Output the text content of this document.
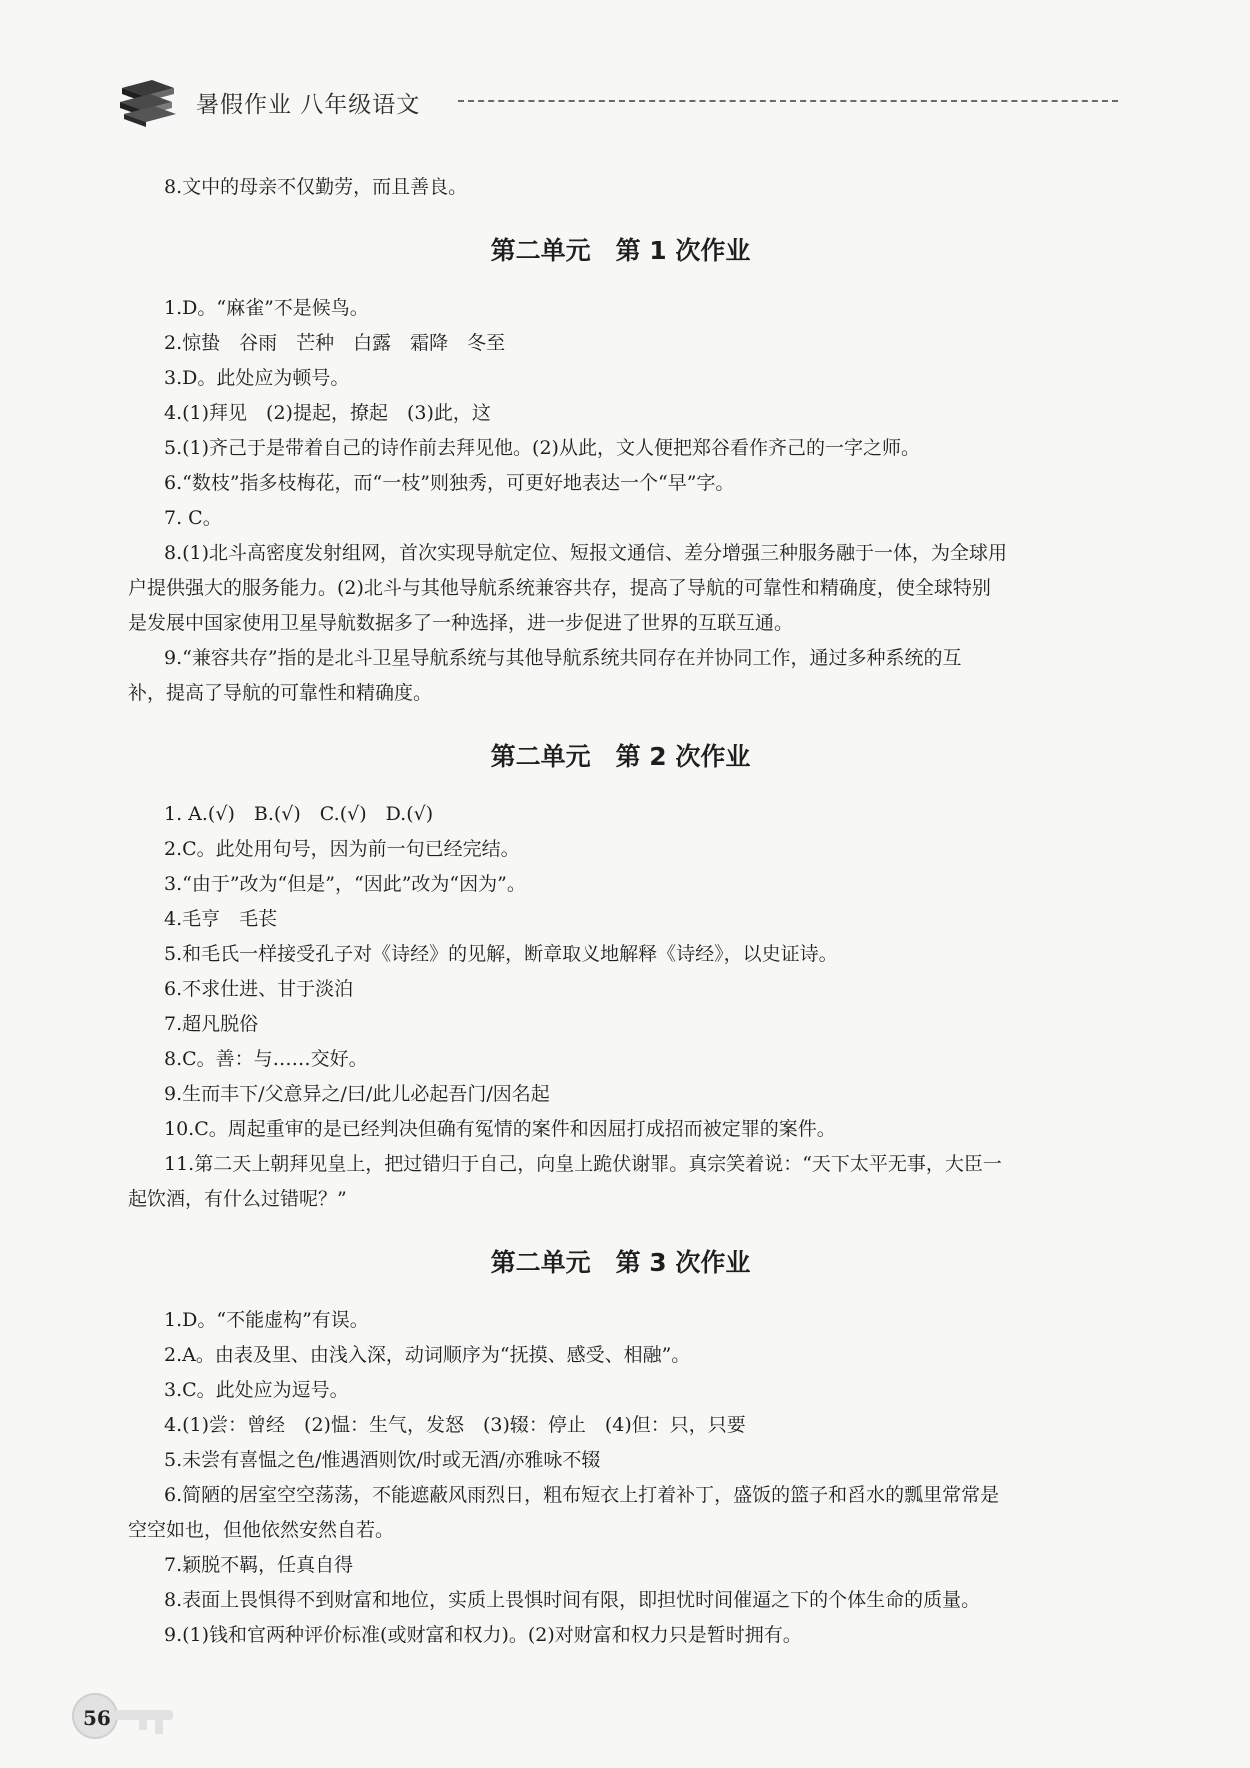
暑假作业 八年级语文

8.文中的母亲不仅勤劳，而且善良。

第二单元　第 1 次作业

1.D。“麻雀”不是候鸟。

2.惊蛰　谷雨　芒种　白露　霜降　冬至

3.D。此处应为顿号。

4.(1)拜见　(2)提起，撩起　(3)此，这

5.(1)齐己于是带着自己的诗作前去拜见他。(2)从此，文人便把郑谷看作齐己的一字之师。

6.“数枝”指多枝梅花，而“一枝”则独秀，可更好地表达一个“早”字。

7. C。

8.(1)北斗高密度发射组网，首次实现导航定位、短报文通信、差分增强三种服务融于一体，为全球用

户提供强大的服务能力。(2)北斗与其他导航系统兼容共存，提高了导航的可靠性和精确度，使全球特别

是发展中国家使用卫星导航数据多了一种选择，进一步促进了世界的互联互通。

9.“兼容共存”指的是北斗卫星导航系统与其他导航系统共同存在并协同工作，通过多种系统的互

补，提高了导航的可靠性和精确度。

第二单元　第 2 次作业

1. A.(√)　B.(√)　C.(√)　D.(√)

2.C。此处用句号，因为前一句已经完结。

3.“由于”改为“但是”，“因此”改为“因为”。

4.毛亨　毛苌

5.和毛氏一样接受孔子对《诗经》的见解，断章取义地解释《诗经》，以史证诗。

6.不求仕进、甘于淡泊

7.超凡脱俗

8.C。善：与……交好。

9.生而丰下/父意异之/曰/此儿必起吾门/因名起

10.C。周起重审的是已经判决但确有冤情的案件和因屈打成招而被定罪的案件。

11.第二天上朝拜见皇上，把过错归于自己，向皇上跪伏谢罪。真宗笑着说：“天下太平无事，大臣一

起饮酒，有什么过错呢？”

第二单元　第 3 次作业

1.D。“不能虚构”有误。

2.A。由表及里、由浅入深，动词顺序为“抚摸、感受、相融”。

3.C。此处应为逗号。

4.(1)尝：曾经　(2)愠：生气，发怒　(3)辍：停止　(4)但：只，只要

5.未尝有喜愠之色/惟遇酒则饮/时或无酒/亦雅咏不辍

6.简陋的居室空空荡荡，不能遮蔽风雨烈日，粗布短衣上打着补丁，盛饭的篮子和舀水的瓢里常常是

空空如也，但他依然安然自若。

7.颖脱不羁，任真自得

8.表面上畏惧得不到财富和地位，实质上畏惧时间有限，即担忧时间催逼之下的个体生命的质量。

9.(1)钱和官两种评价标准(或财富和权力)。(2)对财富和权力只是暂时拥有。

56
